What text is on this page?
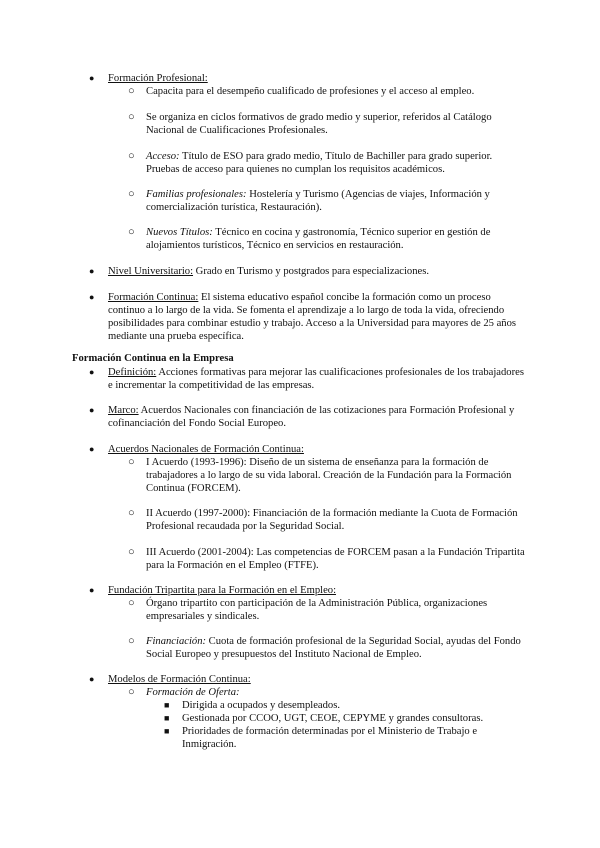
● Formación Profesional:
○ Capacita para el desempeño cualificado de profesiones y el acceso al empleo.
○ Se organiza en ciclos formativos de grado medio y superior, referidos al Catálogo Nacional de Cualificaciones Profesionales.
○ Acceso: Título de ESO para grado medio, Título de Bachiller para grado superior. Pruebas de acceso para quienes no cumplan los requisitos académicos.
○ Familias profesionales: Hostelería y Turismo (Agencias de viajes, Información y comercialización turística, Restauración).
○ Nuevos Títulos: Técnico en cocina y gastronomía, Técnico superior en gestión de alojamientos turísticos, Técnico en servicios en restauración.
● Nivel Universitario: Grado en Turismo y postgrados para especializaciones.
● Formación Continua: El sistema educativo español concibe la formación como un proceso continuo a lo largo de la vida. Se fomenta el aprendizaje a lo largo de toda la vida, ofreciendo posibilidades para combinar estudio y trabajo. Acceso a la Universidad para mayores de 25 años mediante una prueba específica.
Formación Continua en la Empresa
● Definición: Acciones formativas para mejorar las cualificaciones profesionales de los trabajadores e incrementar la competitividad de las empresas.
● Marco: Acuerdos Nacionales con financiación de las cotizaciones para Formación Profesional y cofinanciación del Fondo Social Europeo.
● Acuerdos Nacionales de Formación Continua:
○ I Acuerdo (1993-1996): Diseño de un sistema de enseñanza para la formación de trabajadores a lo largo de su vida laboral. Creación de la Fundación para la Formación Continua (FORCEM).
○ II Acuerdo (1997-2000): Financiación de la formación mediante la Cuota de Formación Profesional recaudada por la Seguridad Social.
○ III Acuerdo (2001-2004): Las competencias de FORCEM pasan a la Fundación Tripartita para la Formación en el Empleo (FTFE).
● Fundación Tripartita para la Formación en el Empleo:
○ Órgano tripartito con participación de la Administración Pública, organizaciones empresariales y sindicales.
○ Financiación: Cuota de formación profesional de la Seguridad Social, ayudas del Fondo Social Europeo y presupuestos del Instituto Nacional de Empleo.
● Modelos de Formación Continua:
○ Formación de Oferta:
■ Dirigida a ocupados y desempleados.
■ Gestionada por CCOO, UGT, CEOE, CEPYME y grandes consultoras.
■ Prioridades de formación determinadas por el Ministerio de Trabajo e Inmigración.
